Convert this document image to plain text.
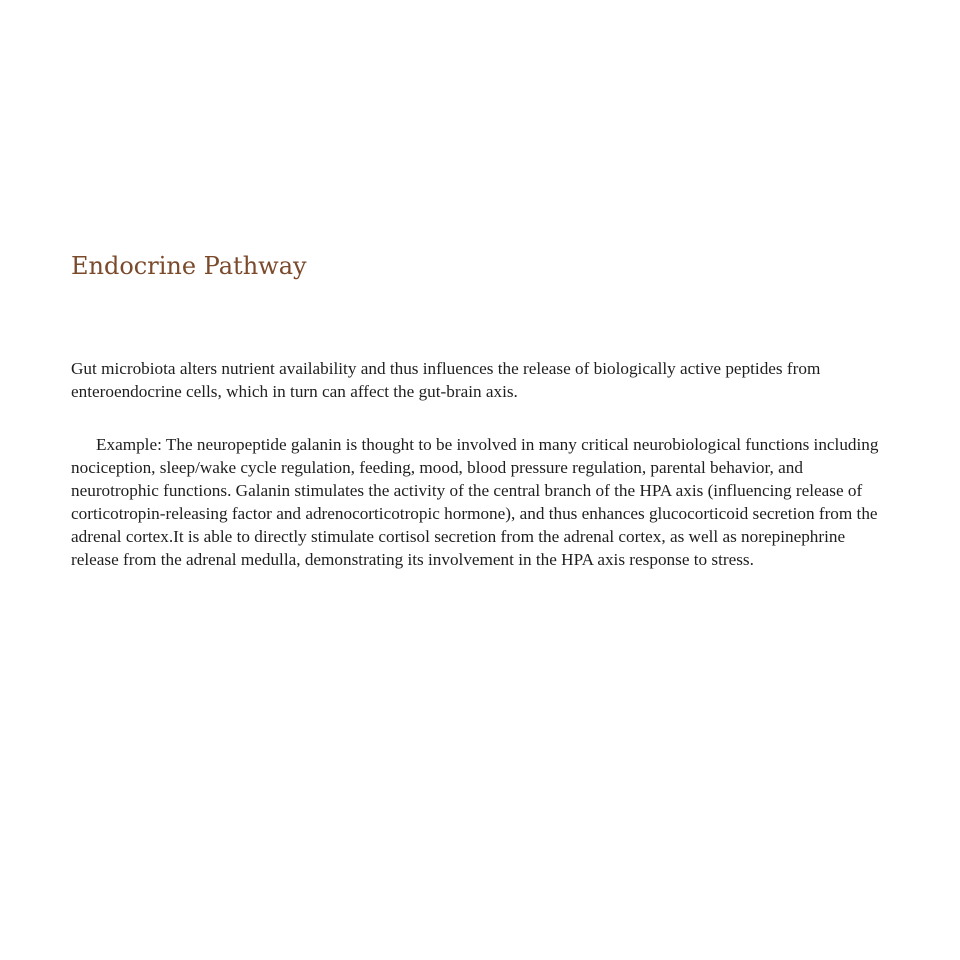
Endocrine Pathway

Gut microbiota alters nutrient availability and thus influences the release of biologically active peptides from enteroendocrine cells, which in turn can affect the gut-brain axis.

Example: The neuropeptide galanin is thought to be involved in many critical neurobiological functions including nociception, sleep/wake cycle regulation, feeding, mood, blood pressure regulation, parental behavior, and neurotrophic functions. Galanin stimulates the activity of the central branch of the HPA axis (influencing release of corticotropin-releasing factor and adrenocorticotropic hormone), and thus enhances glucocorticoid secretion from the adrenal cortex.It is able to directly stimulate cortisol secretion from the adrenal cortex, as well as norepinephrine release from the adrenal medulla, demonstrating its involvement in the HPA axis response to stress.
